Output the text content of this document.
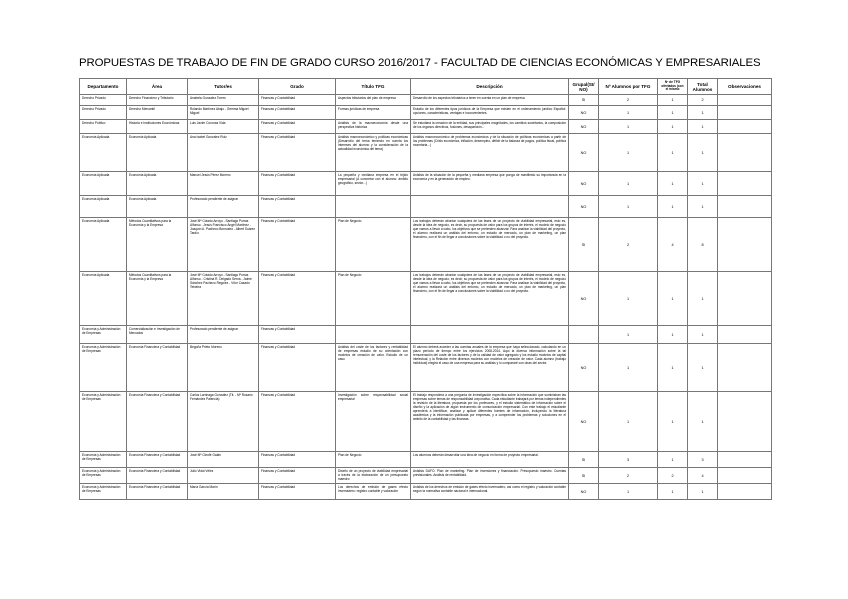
PROPUESTAS DE TRABAJO DE FIN DE GRADO CURSO 2016/2017 - FACULTAD DE CIENCIAS ECONÓMICAS Y EMPRESARIALES
Departamento	Área	Tutor/es	Grado	Título TFG	Descripción	Grupal(SI/NO)	Nº Alumnos por TFG	Nº de TFG ofertados (con el mismo	Total Alumnos	Observaciones
Derecho Privado	Derecho Financiero y Tributario	Anabela Gonzalez Torres	Finanzas y Contabilidad	Aspectos tributarios del plan de empresa	Desarrollo de los aspectos tributarios a tener en cuenta en un plan de empresa	SI	2	1	2	
Derecho Privado	Derecho Mercantil	Rolando Martínez Abajo - Gemma Miguel Miguel	Finanzas y Contabilidad	Formas jurídicas de empresa	Estudio de los diferentes tipos jurídicos de la Empresa que existen en el ordenamiento jurídico Español: opciones, características, ventajas e inconvenientes.	NO	1	1	1	
Derecho Público	Historia e Instituciones Económicas	Luis Javier Coronas Vida	Finanzas y Contabilidad	Análisis de la macroeconomía desde una perspectiva histórica	Se estudiará la creación de la entidad, sus principales magnitudes, los cambios societarios, la composición de los órganos directivos, fusiones, desaparición...	NO	1	1	1	
Economía Aplicada	Economía Aplicada	Ana Isabel Gonzalez Ruiz	Finanzas y Contabilidad	Análisis macroeconómico y políticas económicas (Desarrollo del tema teniendo en cuenta los intereses del alumno y la consideración de la actualidad económica del tema)	Análisis macroeconómico de problemas económicos y de la situación de políticas económicas a partir de los problemas (Crisis económica, inflación, desempleo, déficit de la balanza de pagos, política fiscal, política monetaria...)	NO	1	1	1	
Economía Aplicada	Economía Aplicada	Manuel Jesús Pérez Moreno	Finanzas y Contabilidad	La pequeña y mediana empresa en el tejido empresarial (A concretar con el alumno: ámbito geográfico, sector...)	Análisis de la situación de la pequeña y mediana empresa que ponga de manifiesto su importancia en la economía y en la generación de empleo.	NO	1	1	1	
Economía Aplicada	Economía Aplicada	Profesorado pendiente de asignar	Finanzas y Contabilidad			NO	1	1	1	
Economía Aplicada	Métodos Cuantitativos para la Economía y la Empresa	José Mª Cotado Arroyo - Santiago Porras Alfonso - Jesús Francisco Ángel Martínez - Joaquín A. Pacheco Bonrostro - Albert Suárez Tardío	Finanzas y Contabilidad	Plan de Negocio	Los trabajos deberán abordar cualquiera de las fases de un proyecto de viabilidad empresarial, esto es, desde la idea de negocio, es decir, su propuesta de valor para los grupos de interés, el modelo de negocio que vamos a llevar a cabo, los objetivos que se pretenden alcanzar. Para analizar la viabilidad del proyecto, el alumno realizará un análisis del entorno, un estudio de mercado, un plan de marketing, un plan financiero, con el fin de llegar a conclusiones sobre la viabilidad o no del proyecto.	SI	2	4	8	
Economía Aplicada	Métodos Cuantitativos para la Economía y la Empresa	José Mª Cotado Arroyo - Santiago Porras Alfonso - Cristina R. Delgado Serna - Jaime Sánchez Pacheco Regolez - Vítor Casado Teixeira	Finanzas y Contabilidad	Plan de Negocio	Los trabajos deberán abordar cualquiera de las fases de un proyecto de viabilidad empresarial, esto es, desde la idea de negocio, es decir, su propuesta de valor para los grupos de interés, el modelo de negocio que vamos a llevar a cabo, los objetivos que se pretenden alcanzar. Para analizar la viabilidad del proyecto, el alumno realizará un análisis del entorno, un estudio de mercado, un plan de marketing, un plan financiero, con el fin de llegar a conclusiones sobre la viabilidad o no del proyecto.	NO	1	1	1	
Economía y Administración de Empresas	Comercialización e Investigación de Mercados	Profesorado pendiente de asignar	Finanzas y Contabilidad				1	1	1	
Economía y Administración de Empresas	Economía Financiera y Contabilidad	Begoña Prieto Moreno	Finanzas y Contabilidad	Análisis del coste de los factores y rentabilidad de empresas estudio de su orientación con modelos de creación de valor. Estudio de un caso	El alumno deberá acceder a las cuentas anuales de la empresa que haya seleccionado, calculando en un plazo período de tiempo entre los ejercicios 2008-2014. Aquí la diversa información sobre la tal remuneración del coste de los factores y de la calidad de valor agregado y los estudio modelos de capital intelectual, y la Relación entre diversos modelos con modelos de creación de valor. Cada alumno (trabajo individual) elegirá el caso de una empresa para su análisis y lo compararé con otras del sector.	NO	1	1	1	
Economía y Administración de Empresas	Economía Financiera y Contabilidad	Carlos Larrinaga González (Tit. - Mª Rosario Fernández Palencia)	Finanzas y Contabilidad	Investigación sobre responsabilidad social empresarial	El trabajo responderá a una pregunta de investigación específica sobre la información que suministran las empresas sobre temas de responsabilidad corporativa. Cada estudiante trabajará por temas independientes la revisión de la literatura, propuesta por los profesores, y el estudio sistemático de información sobre el diseño y la aplicación de algún instrumento de comunicación empresarial. Con este trabajo el estudiante aprenderá a identificar, analizar y aplicar diferentes fuentes de información, incluyendo la literatura académica y la información publicada por empresas, y a comprender los problemas y soluciones en el ámbito de la contabilidad y las finanzas.	NO	1	1	1	
Economía y Administración de Empresas	Economía Financiera y Contabilidad	José Mª Cleofé Galán	Finanzas y Contabilidad	Plan de Negocio	Los alumnos deberán desarrollar una idea de negocio en forma de proyecto empresarial.	SI	3	1	3	
Economía y Administración de Empresas	Economía Financiera y Contabilidad	Julio Vidal Vélez	Finanzas y Contabilidad	Diseño de un proyecto de viabilidad empresarial a través de la elaboración de un presupuesto maestro	Análisis DAFO. Plan de marketing. Plan de inversiones y financiación. Presupuesto maestro. Cuentas previsionales. Análisis de rentabilidad.	SI	2	2	4	
Economía y Administración de Empresas	Economía Financiera y Contabilidad	María García Marín	Finanzas y Contabilidad	Los derechos de emisión de gases efecto invernadero: registro contable y valoración	Análisis de los derechos de emisión de gases efecto invernadero, así como el registro y valoración contable según la normativa contable nacional e internacional.	NO	1	1	1	
